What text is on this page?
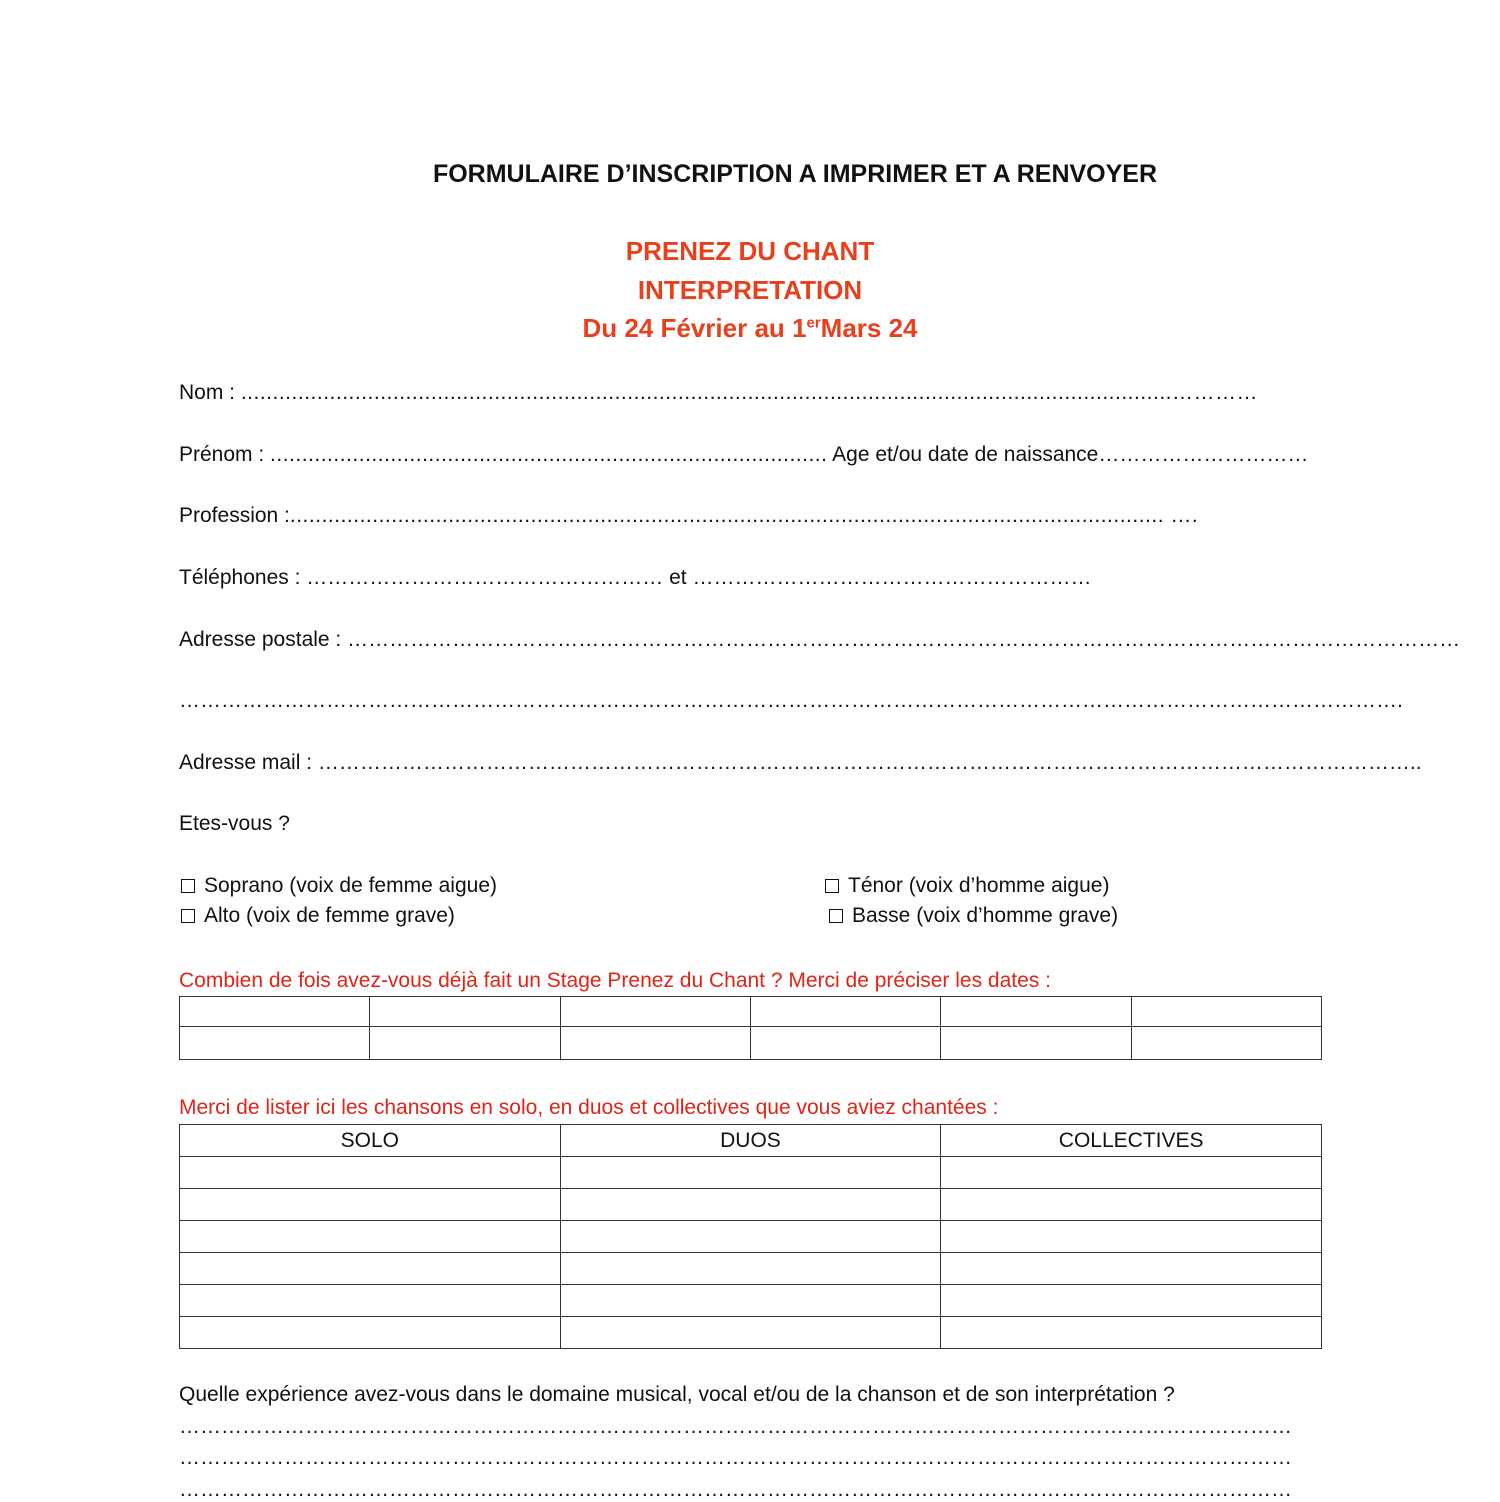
FORMULAIRE D’INSCRIPTION A IMPRIMER ET A RENVOYER
PRENEZ DU CHANT
INTERPRETATION
Du 24 Février au 1erMars 24
Nom : ...................................................................................................................................................…………
Prénom : ........................................................................................ Age et/ou date de naissance…………………………
Profession :.......................................................................................................................................... ….
Téléphones : …………………………………………… et …………………………………………………
Adresse postale : ……………………………………………………………………………………………………………………………………………
………………………………………………………………………………………………………………………………………………………….
Adresse mail : …………………………………………………………………………………………………………………………………………..
Etes-vous ?
Soprano (voix de femme aigue)
Alto (voix de femme grave)
Ténor (voix d’homme aigue)
Basse (voix d’homme grave)
Combien de fois avez-vous déjà fait un Stage Prenez du Chant ? Merci de préciser les dates :

Merci de lister ici les chansons en solo, en duos et collectives que vous aviez chantées :
SOLO	DUOS	COLLECTIVES

Quelle expérience avez-vous dans le domaine musical, vocal et/ou de la chanson et de son interprétation ?
……………………………………………………………………………………………………………………………………………
……………………………………………………………………………………………………………………………………………
……………………………………………………………………………………………………………………………………………
